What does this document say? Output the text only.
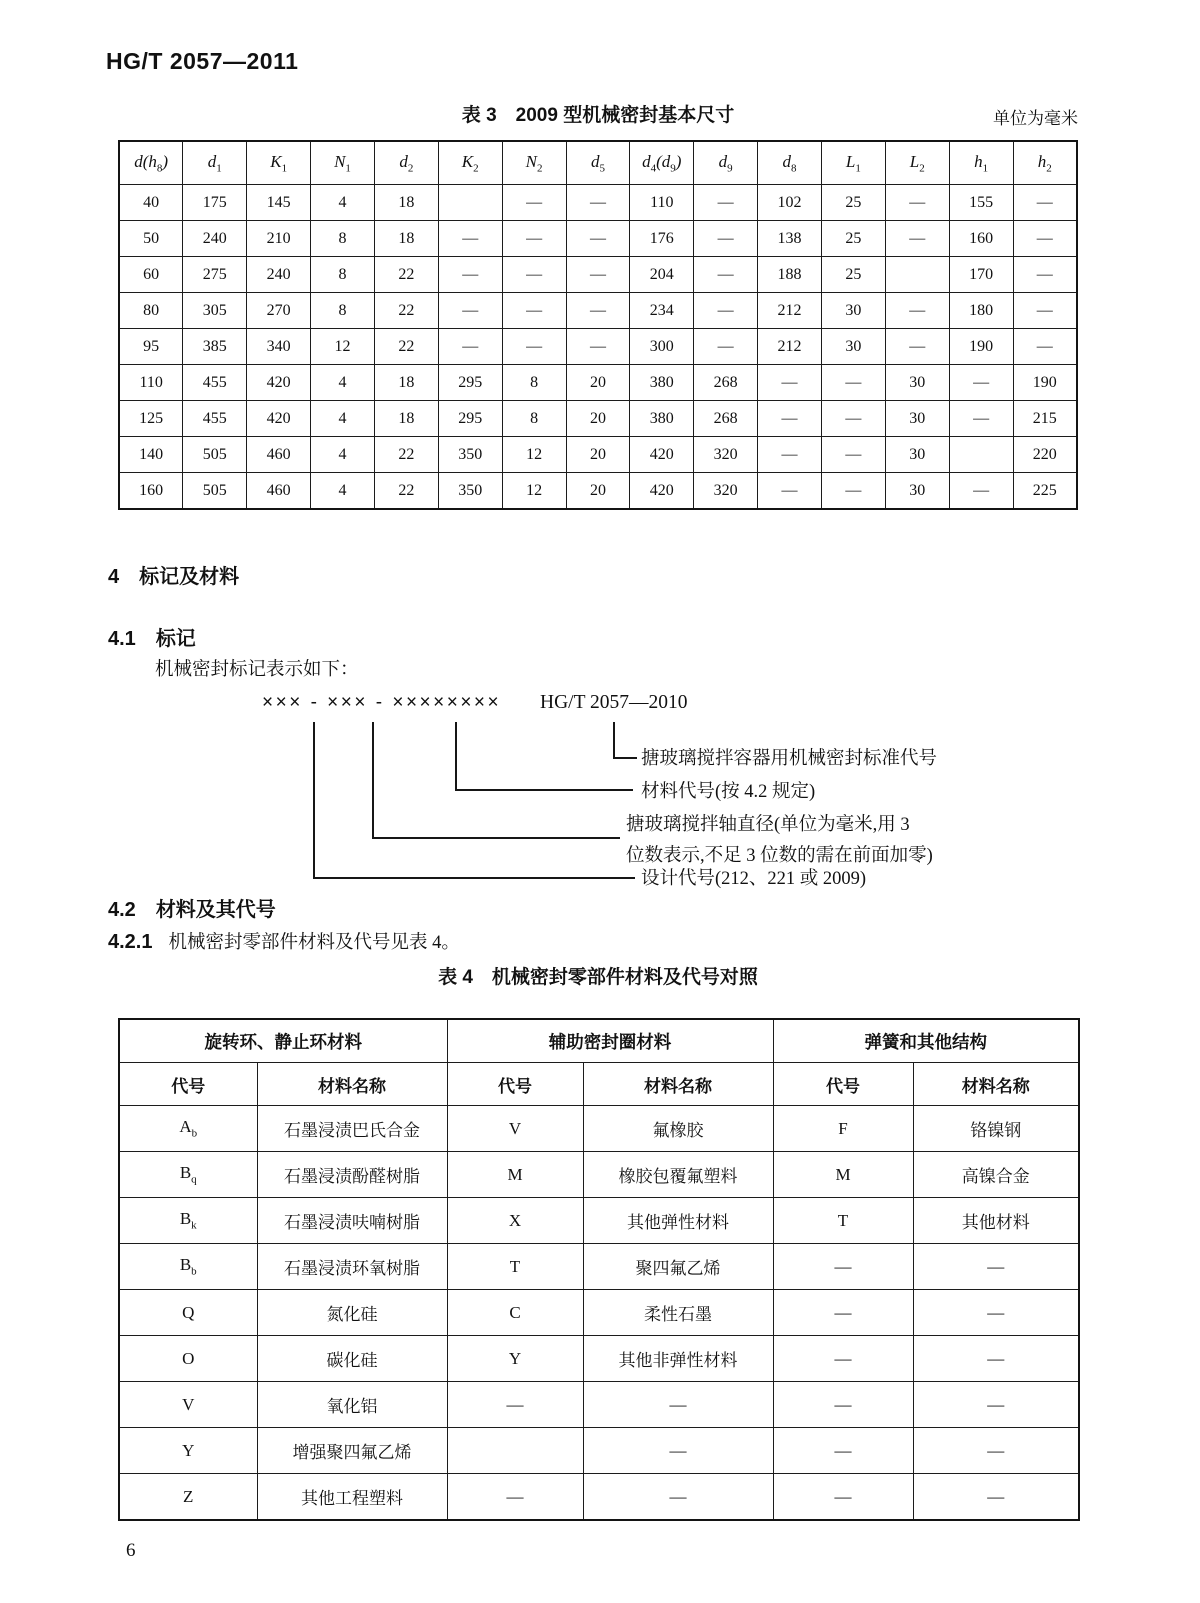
HG/T 2057—2011
表 3　2009 型机械密封基本尺寸	单位为毫米
$d(h_8)$	$d_1$	$K_1$	$N_1$	$d_2$	$K_2$	$N_2$	$d_5$	$d_4(d_9)$	$d_9$	$d_8$	$L_1$	$L_2$	$h_1$	$h_2$
40	175	145	4	18		—	—	110	—	102	25	—	155	—
50	240	210	8	18	—	—	—	176	—	138	25	—	160	—
60	275	240	8	22	—	—	—	204	—	188	25		170	—
80	305	270	8	22	—	—	—	234	—	212	30	—	180	—
95	385	340	12	22	—	—	—	300	—	212	30	—	190	—
110	455	420	4	18	295	8	20	380	268	—	—	30	—	190
125	455	420	4	18	295	8	20	380	268	—	—	30	—	215
140	505	460	4	22	350	12	20	420	320	—	—	30		220
160	505	460	4	22	350	12	20	420	320	—	—	30	—	225
4 标记及材料
4.1 标记
机械密封标记表示如下：
××× - ××× - ×××××××× HG/T 2057—2010
搪玻璃搅拌容器用机械密封标准代号
材料代号(按 4.2 规定)
搪玻璃搅拌轴直径(单位为毫米,用 3
位数表示,不足 3 位数的需在前面加零)
设计代号(212、221 或 2009)
4.2 材料及其代号
4.2.1 机械密封零部件材料及代号见表 4。
表 4　机械密封零部件材料及代号对照
旋转环、静止环材料		辅助密封圈材料		弹簧和其他结构	
代号	材料名称	代号	材料名称	代号	材料名称
$A_b$	石墨浸渍巴氏合金	V	氟橡胶	F	铬镍钢
$B_q$	石墨浸渍酚醛树脂	M	橡胶包覆氟塑料	M	高镍合金
$B_k$	石墨浸渍呋喃树脂	X	其他弹性材料	T	其他材料
$B_b$	石墨浸渍环氧树脂	T	聚四氟乙烯	—	—
Q	氮化硅	C	柔性石墨	—	—
O	碳化硅	Y	其他非弹性材料	—	—
V	氧化铝	—	—	—	—
Y	增强聚四氟乙烯		—	—	—
Z	其他工程塑料	—	—	—	—
6
